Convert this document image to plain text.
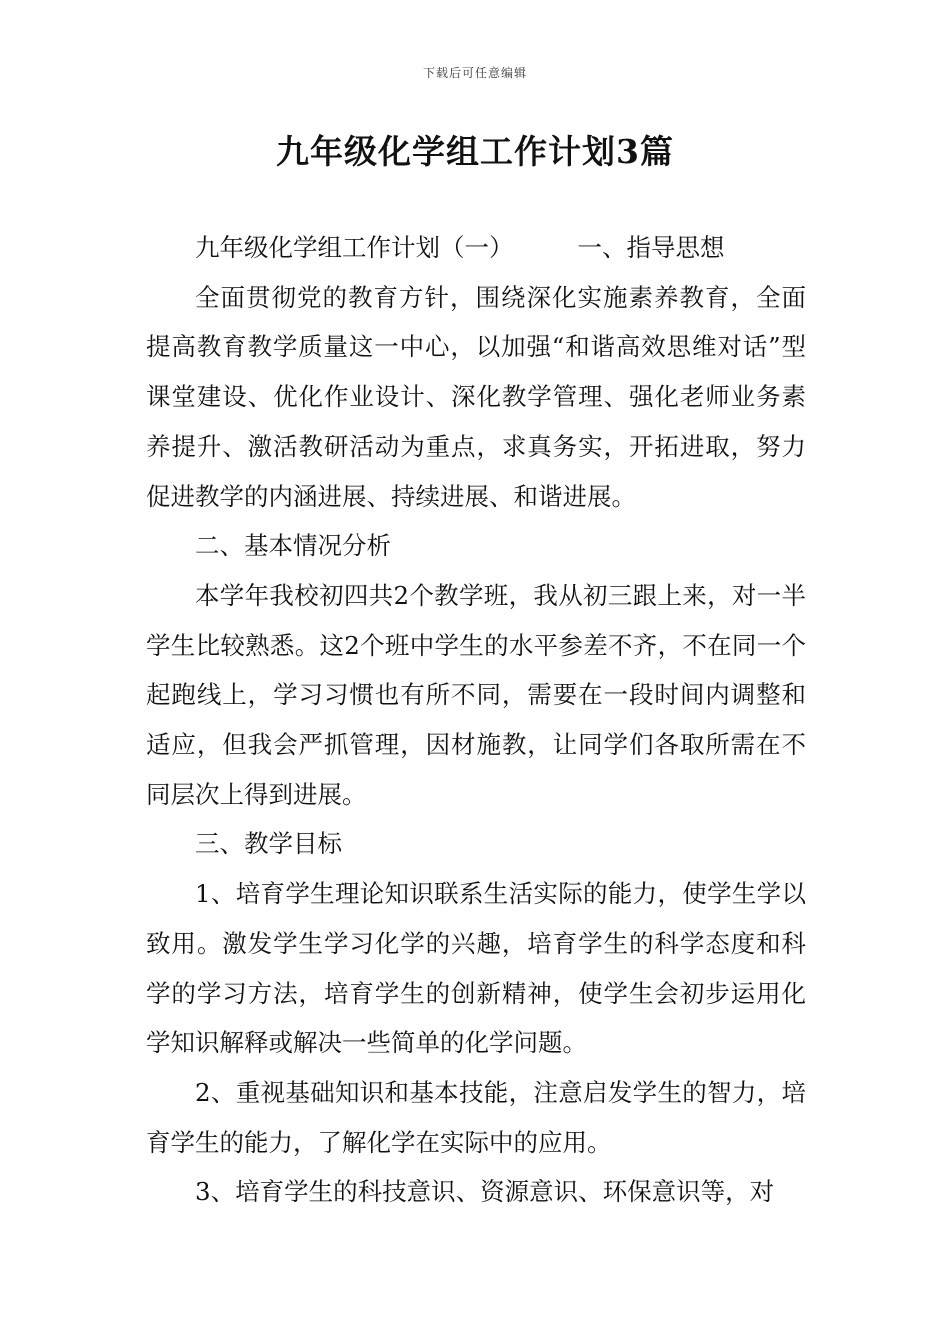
下载后可任意编辑
九年级化学组工作计划3篇

九年级化学组工作计划（一）	一、指导思想

全面贯彻党的教育方针，围绕深化实施素养教育，全面提高教育教学质量这一中心，以加强“和谐高效思维对话”型课堂建设、优化作业设计、深化教学管理、强化老师业务素养提升、激活教研活动为重点，求真务实，开拓进取，努力促进教学的内涵进展、持续进展、和谐进展。

二、基本情况分析

本学年我校初四共2个教学班，我从初三跟上来，对一半学生比较熟悉。这2个班中学生的水平参差不齐，不在同一个起跑线上，学习习惯也有所不同，需要在一段时间内调整和适应，但我会严抓管理，因材施教，让同学们各取所需在不同层次上得到进展。

三、教学目标

1、培育学生理论知识联系生活实际的能力，使学生学以致用。激发学生学习化学的兴趣，培育学生的科学态度和科学的学习方法，培育学生的创新精神，使学生会初步运用化学知识解释或解决一些简单的化学问题。

2、重视基础知识和基本技能，注意启发学生的智力，培育学生的能力，了解化学在实际中的应用。

3、培育学生的科技意识、资源意识、环保意识等，对
